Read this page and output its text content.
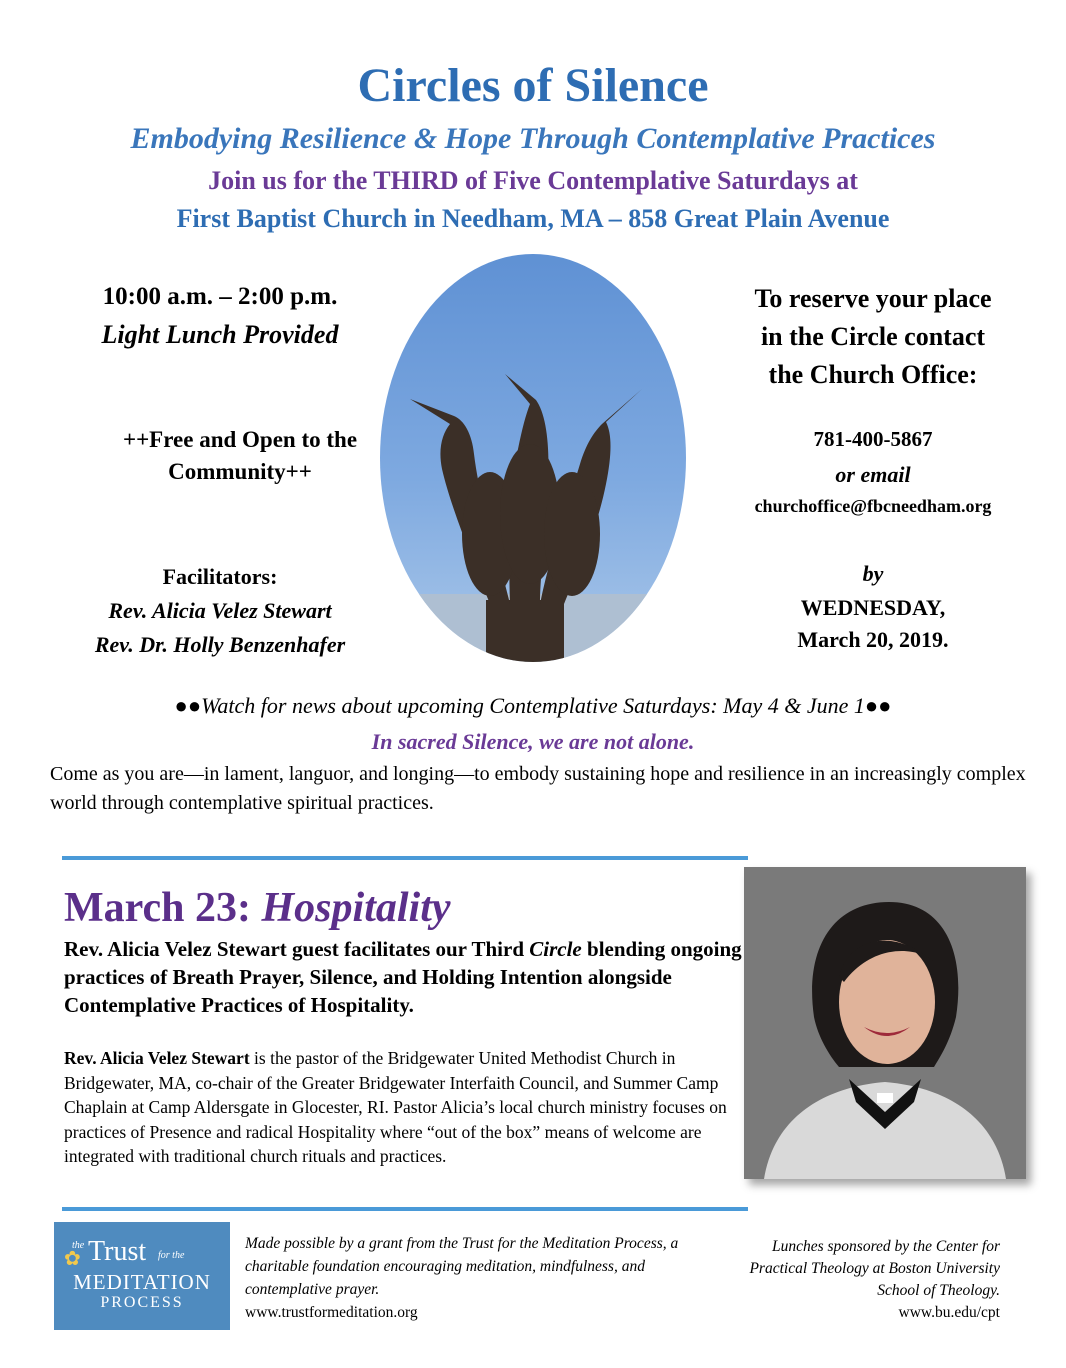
Circles of Silence
Embodying Resilience & Hope Through Contemplative Practices
Join us for the THIRD of Five Contemplative Saturdays at
First Baptist Church in Needham, MA – 858 Great Plain Avenue
10:00 a.m. – 2:00 p.m.
Light Lunch Provided
++Free and Open to the
Community++
Facilitators:
Rev. Alicia Velez Stewart
Rev. Dr. Holly Benzenhafer
To reserve your place
in the Circle contact
the Church Office:
781-400-5867
or email
churchoffice@fbcneedham.org
by
WEDNESDAY,
March 20, 2019.
●●Watch for news about upcoming Contemplative Saturdays: May 4 & June 1●●
In sacred Silence, we are not alone.
Come as you are—in lament, languor, and longing—to embody sustaining hope and resilience in an increasingly complex world through contemplative spiritual practices.
March 23: Hospitality
Rev. Alicia Velez Stewart guest facilitates our Third Circle blending ongoing practices of Breath Prayer, Silence, and Holding Intention alongside Contemplative Practices of Hospitality.
Rev. Alicia Velez Stewart is the pastor of the Bridgewater United Methodist Church in Bridgewater, MA, co-chair of the Greater Bridgewater Interfaith Council, and Summer Camp Chaplain at Camp Aldersgate in Glocester, RI. Pastor Alicia’s local church ministry focuses on practices of Presence and radical Hospitality where “out of the box” means of welcome are integrated with traditional church rituals and practices.
✿
the Trust for the
MEDITATION
PROCESS
Made possible by a grant from the Trust for the Meditation Process, a charitable foundation encouraging meditation, mindfulness, and contemplative prayer.
www.trustformeditation.org
Lunches sponsored by the Center for Practical Theology at Boston University School of Theology.
www.bu.edu/cpt
